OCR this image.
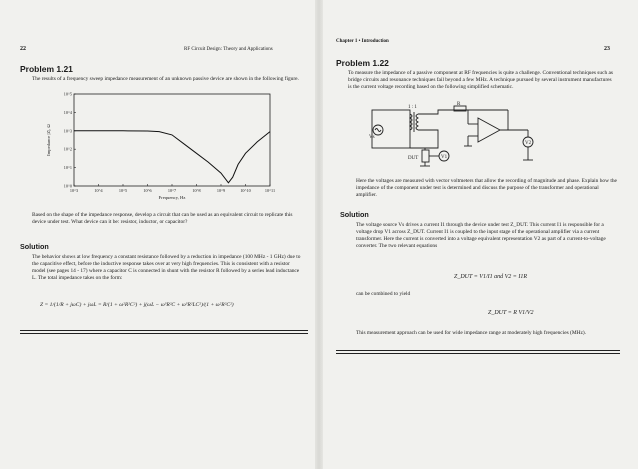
22	RF Circuit Design: Theory and Applications
Problem 1.21
The results of a frequency sweep impedance measurement of an unknown passive device are shown in the following figure.
10^3	10^4	10^5	10^6	10^7	10^8	10^9	10^10	10^11
10^0
10^1
10^2
10^3
10^4
10^5
Frequency, Hz
Impedance |Z|, Ω
Based on the shape of the impedance response, develop a circuit that can be used as an equivalent circuit to replicate this device under test. What device can it be: resistor, inductor, or capacitor?
Solution
The behavior shows at low frequency a constant resistance followed by a reduction in impedance (100 MHz - 1 GHz) due to the capacitive effect, before the inductive response takes over at very high frequencies. This is consistent with a resistor model (see pages 14 - 17) where a capacitor C is connected in shunt with the resistor R followed by a series lead inductance L. The total impedance takes on the form:
Z = 1/(1/R + jωC) + jωL = R/(1 + ω²R²C²) + j(ωL − ω³R²C + ω³R²LC²)/(1 + ω²R²C²)
Chapter 1 • Introduction
23
Problem 1.22
To measure the impedance of a passive component at RF frequencies is quite a challenge. Conventional techniques such as bridge circuits and resonance techniques fail beyond a few MHz. A technique pursued by several instrument manufactures is the current voltage recording based on the following simplified schematic.
Vs
DUT	V1
V2
R
1 : 1
Here the voltages are measured with vector voltmeters that allow the recording of magnitude and phase. Explain how the impedance of the component under test is determined and discuss the purpose of the transformer and operational amplifier.
Solution
The voltage source Vs drives a current I1 through the device under test Z_DUT. This current I1 is responsible for a voltage drop V1 across Z_DUT. Current I1 is coupled to the input stage of the operational amplifier via a current transformer. Here the current is converted into a voltage equivalent representation V2 as part of a current-to-voltage converter. The two relevant equations
Z_DUT = V1/I1 and V2 = I1R
can be combined to yield
Z_DUT = R V1/V2
This measurement approach can be used for wide impedance range at moderately high frequencies (MHz).
